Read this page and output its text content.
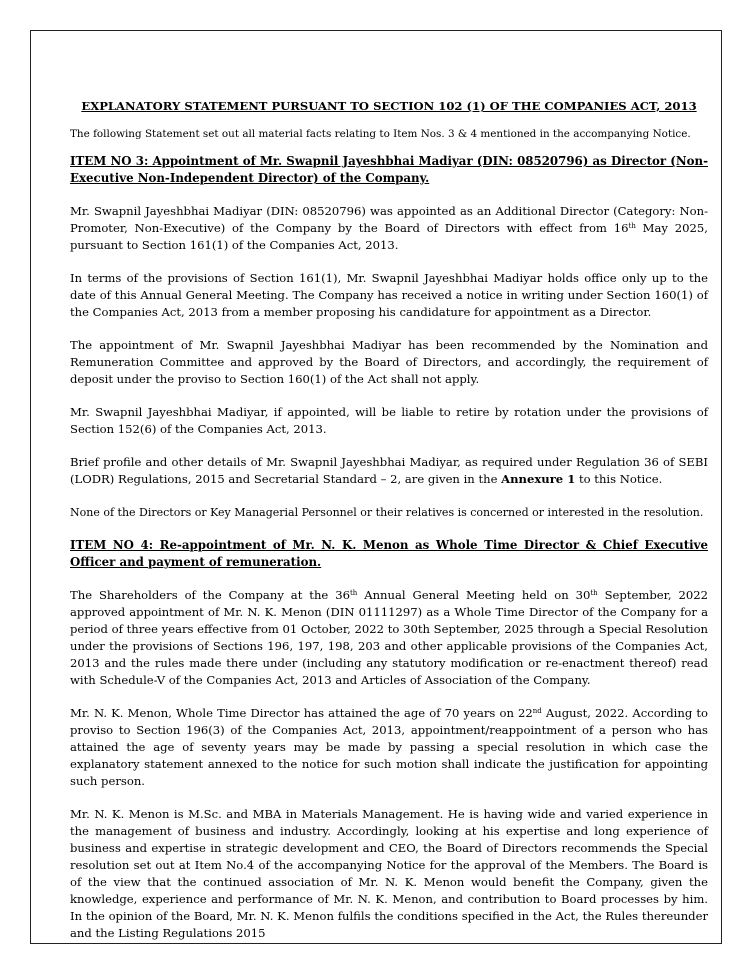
EXPLANATORY STATEMENT PURSUANT TO SECTION 102 (1) OF THE COMPANIES ACT, 2013
The following Statement set out all material facts relating to Item Nos. 3 & 4 mentioned in the accompanying Notice.
ITEM NO 3: Appointment of Mr. Swapnil Jayeshbhai Madiyar (DIN: 08520796) as Director (Non-Executive Non-Independent Director) of the Company.

Mr. Swapnil Jayeshbhai Madiyar (DIN: 08520796) was appointed as an Additional Director (Category: Non-Promoter, Non-Executive) of the Company by the Board of Directors with effect from 16th May 2025, pursuant to Section 161(1) of the Companies Act, 2013.

In terms of the provisions of Section 161(1), Mr. Swapnil Jayeshbhai Madiyar holds office only up to the date of this Annual General Meeting. The Company has received a notice in writing under Section 160(1) of the Companies Act, 2013 from a member proposing his candidature for appointment as a Director.

The appointment of Mr. Swapnil Jayeshbhai Madiyar has been recommended by the Nomination and Remuneration Committee and approved by the Board of Directors, and accordingly, the requirement of deposit under the proviso to Section 160(1) of the Act shall not apply.

Mr. Swapnil Jayeshbhai Madiyar, if appointed, will be liable to retire by rotation under the provisions of Section 152(6) of the Companies Act, 2013.

Brief profile and other details of Mr. Swapnil Jayeshbhai Madiyar, as required under Regulation 36 of SEBI (LODR) Regulations, 2015 and Secretarial Standard – 2, are given in the Annexure 1 to this Notice.

None of the Directors or Key Managerial Personnel or their relatives is concerned or interested in the resolution.

ITEM NO 4: Re-appointment of Mr. N. K. Menon as Whole Time Director & Chief Executive Officer and payment of remuneration.

The Shareholders of the Company at the 36th Annual General Meeting held on 30th September, 2022 approved appointment of Mr. N. K. Menon (DIN 01111297) as a Whole Time Director of the Company for a period of three years effective from 01 October, 2022 to 30th September, 2025 through a Special Resolution under the provisions of Sections 196, 197, 198, 203 and other applicable provisions of the Companies Act, 2013 and the rules made there under (including any statutory modification or re-enactment thereof) read with Schedule-V of the Companies Act, 2013 and Articles of Association of the Company.

Mr. N. K. Menon, Whole Time Director has attained the age of 70 years on 22nd August, 2022. According to proviso to Section 196(3) of the Companies Act, 2013, appointment/reappointment of a person who has attained the age of seventy years may be made by passing a special resolution in which case the explanatory statement annexed to the notice for such motion shall indicate the justification for appointing such person.

Mr. N. K. Menon is M.Sc. and MBA in Materials Management. He is having wide and varied experience in the management of business and industry. Accordingly, looking at his expertise and long experience of business and expertise in strategic development and CEO, the Board of Directors recommends the Special resolution set out at Item No.4 of the accompanying Notice for the approval of the Members. The Board is of the view that the continued association of Mr. N. K. Menon would benefit the Company, given the knowledge, experience and performance of Mr. N. K. Menon, and contribution to Board processes by him. In the opinion of the Board, Mr. N. K. Menon fulfils the conditions specified in the Act, the Rules thereunder and the Listing Regulations 2015
